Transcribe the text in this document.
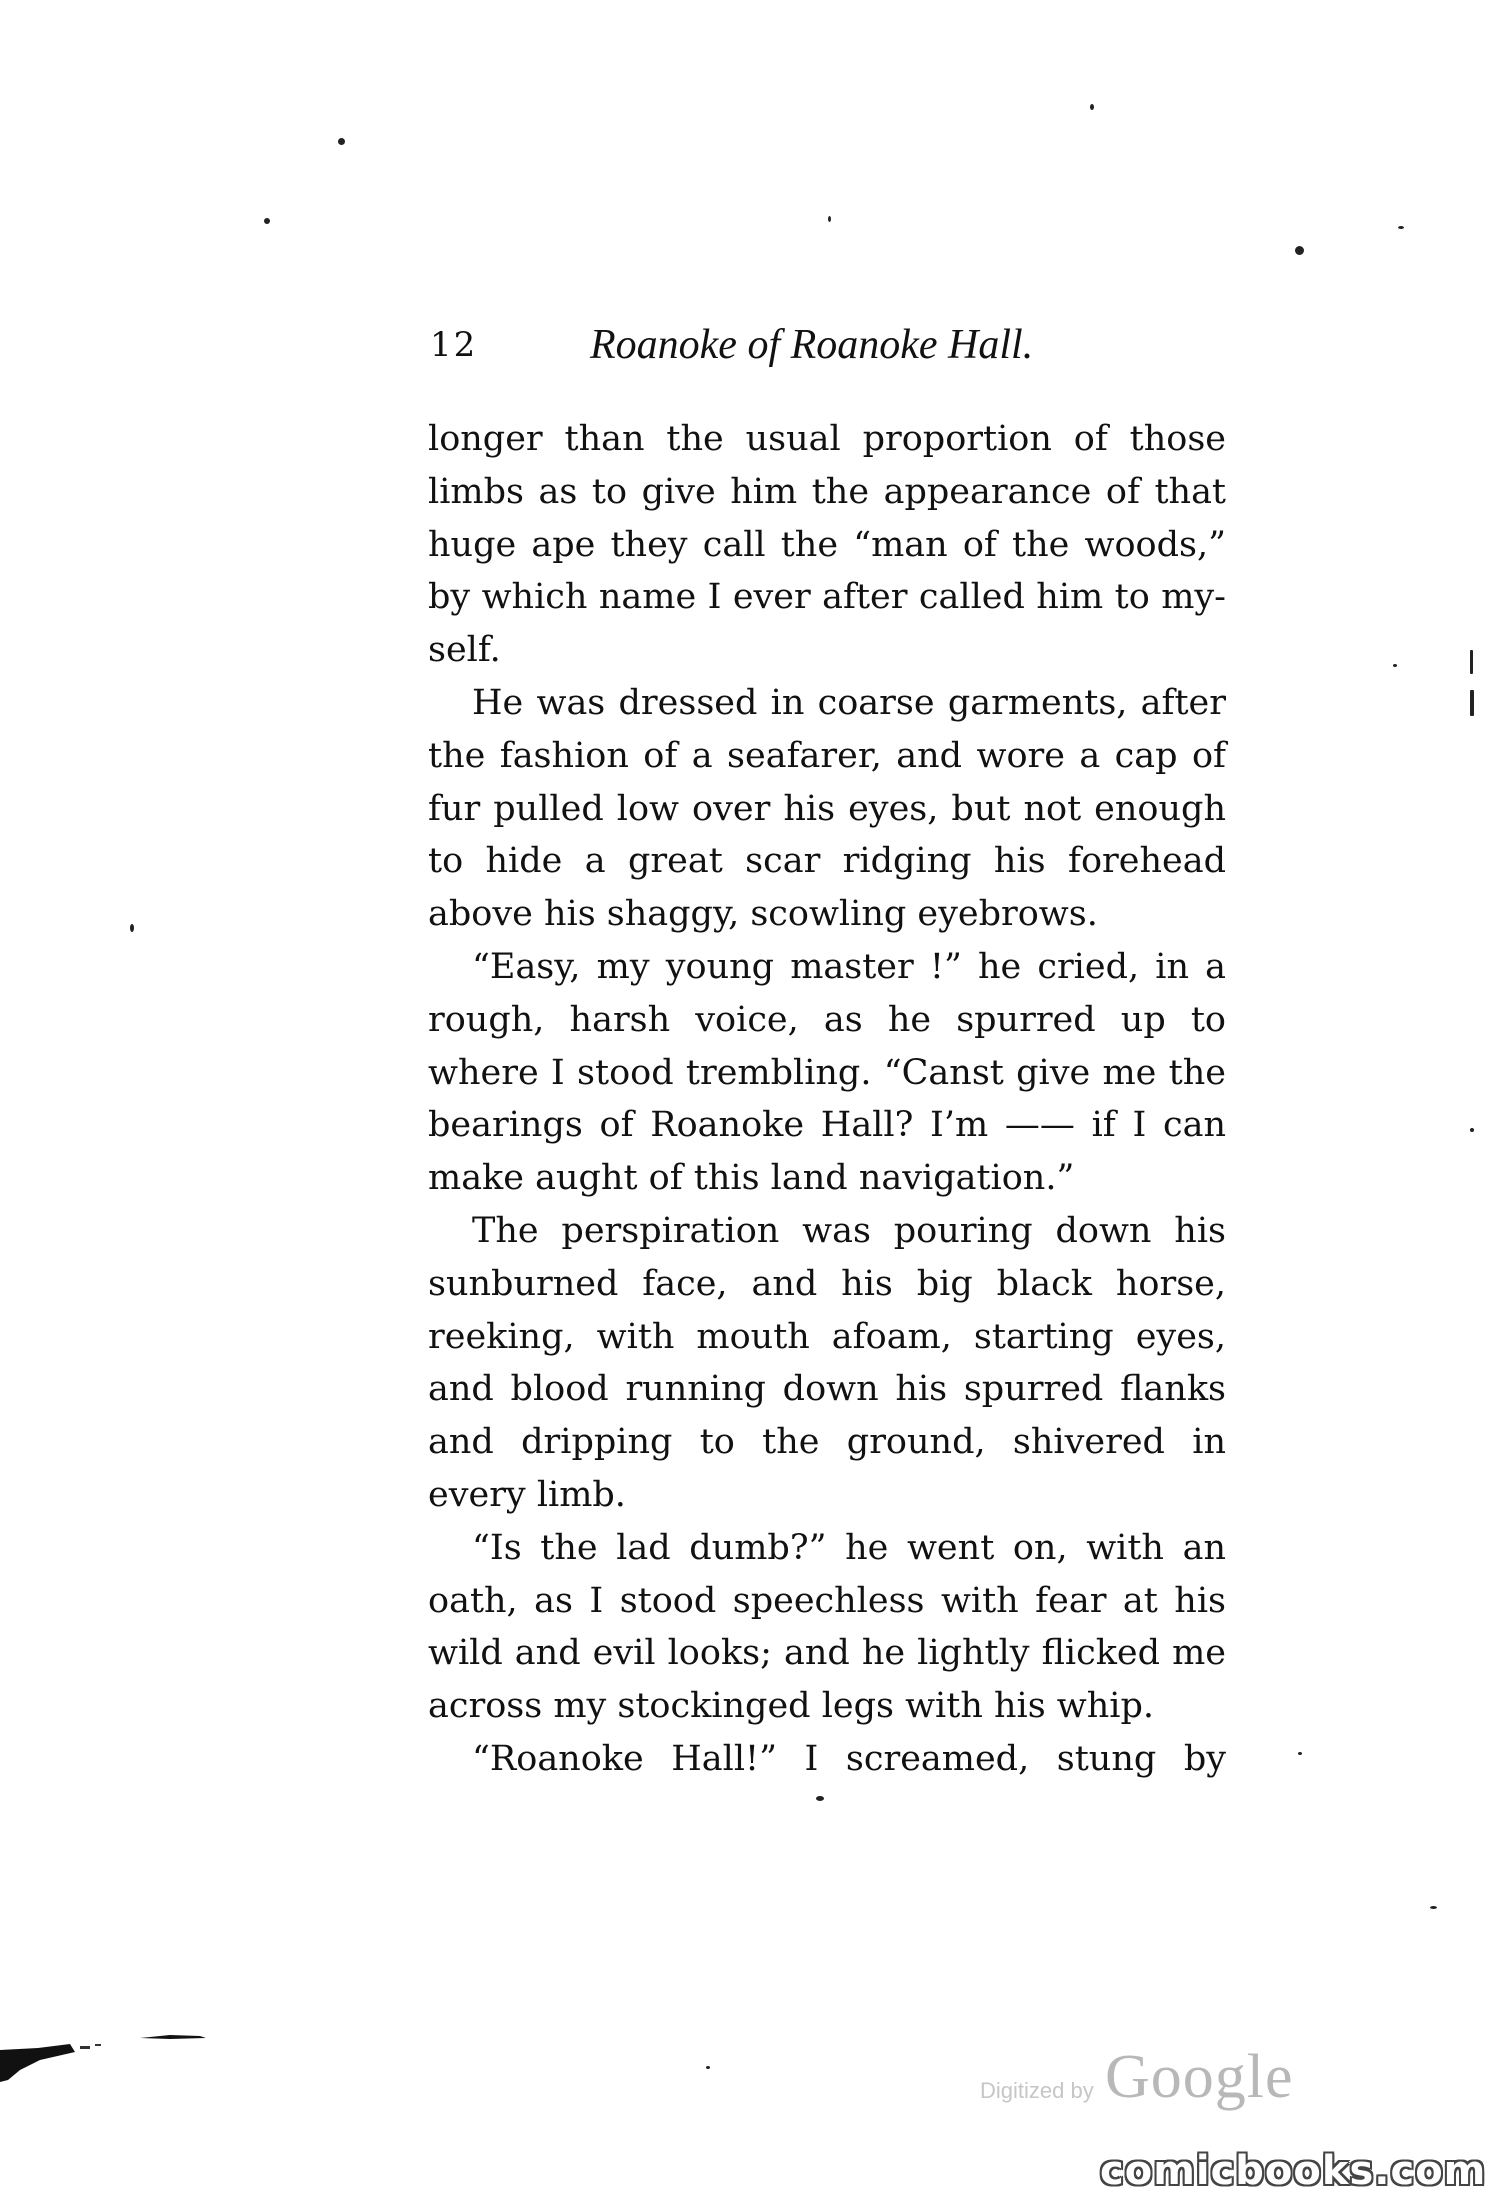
12	Roanoke of Roanoke Hall.

longer than the usual proportion of those limbs as to give him the appearance of that huge ape they call the “man of the woods,” by which name I ever after called him to my-self.

He was dressed in coarse garments, after the fashion of a seafarer, and wore a cap of fur pulled low over his eyes, but not enough to hide a great scar ridging his forehead above his shaggy, scowling eyebrows.

“Easy, my young master !” he cried, in a rough, harsh voice, as he spurred up to where I stood trembling. “Canst give me the bearings of Roanoke Hall? I’m —— if I can make aught of this land navigation.”

The perspiration was pouring down his sunburned face, and his big black horse, reeking, with mouth afoam, starting eyes, and blood running down his spurred flanks and dripping to the ground, shivered in every limb.

“Is the lad dumb?” he went on, with an oath, as I stood speechless with fear at his wild and evil looks; and he lightly flicked me across my stockinged legs with his whip.

“Roanoke Hall!” I screamed, stung by

Digitized by Google
comicbooks.com
